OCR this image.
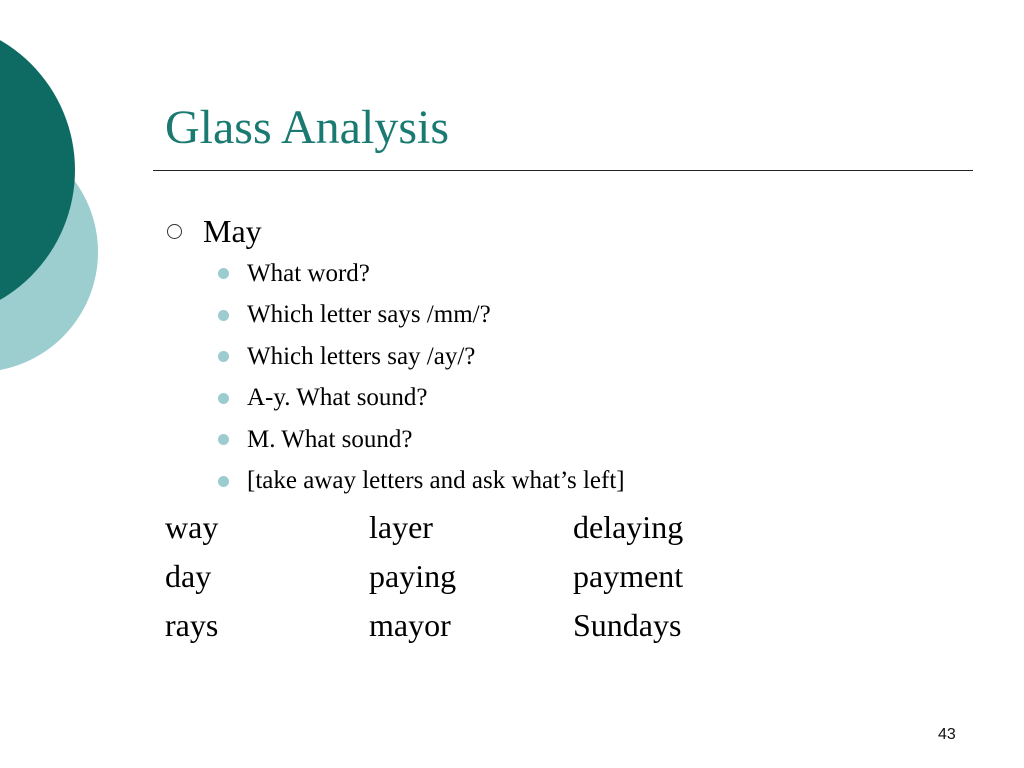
Glass Analysis
May
What word?
Which letter says /mm/?
Which letters say /ay/?
A-y. What sound?
M. What sound?
[take away letters and ask what’s left]
way	layer	delaying
day	paying	payment
rays	mayor	Sundays
43
